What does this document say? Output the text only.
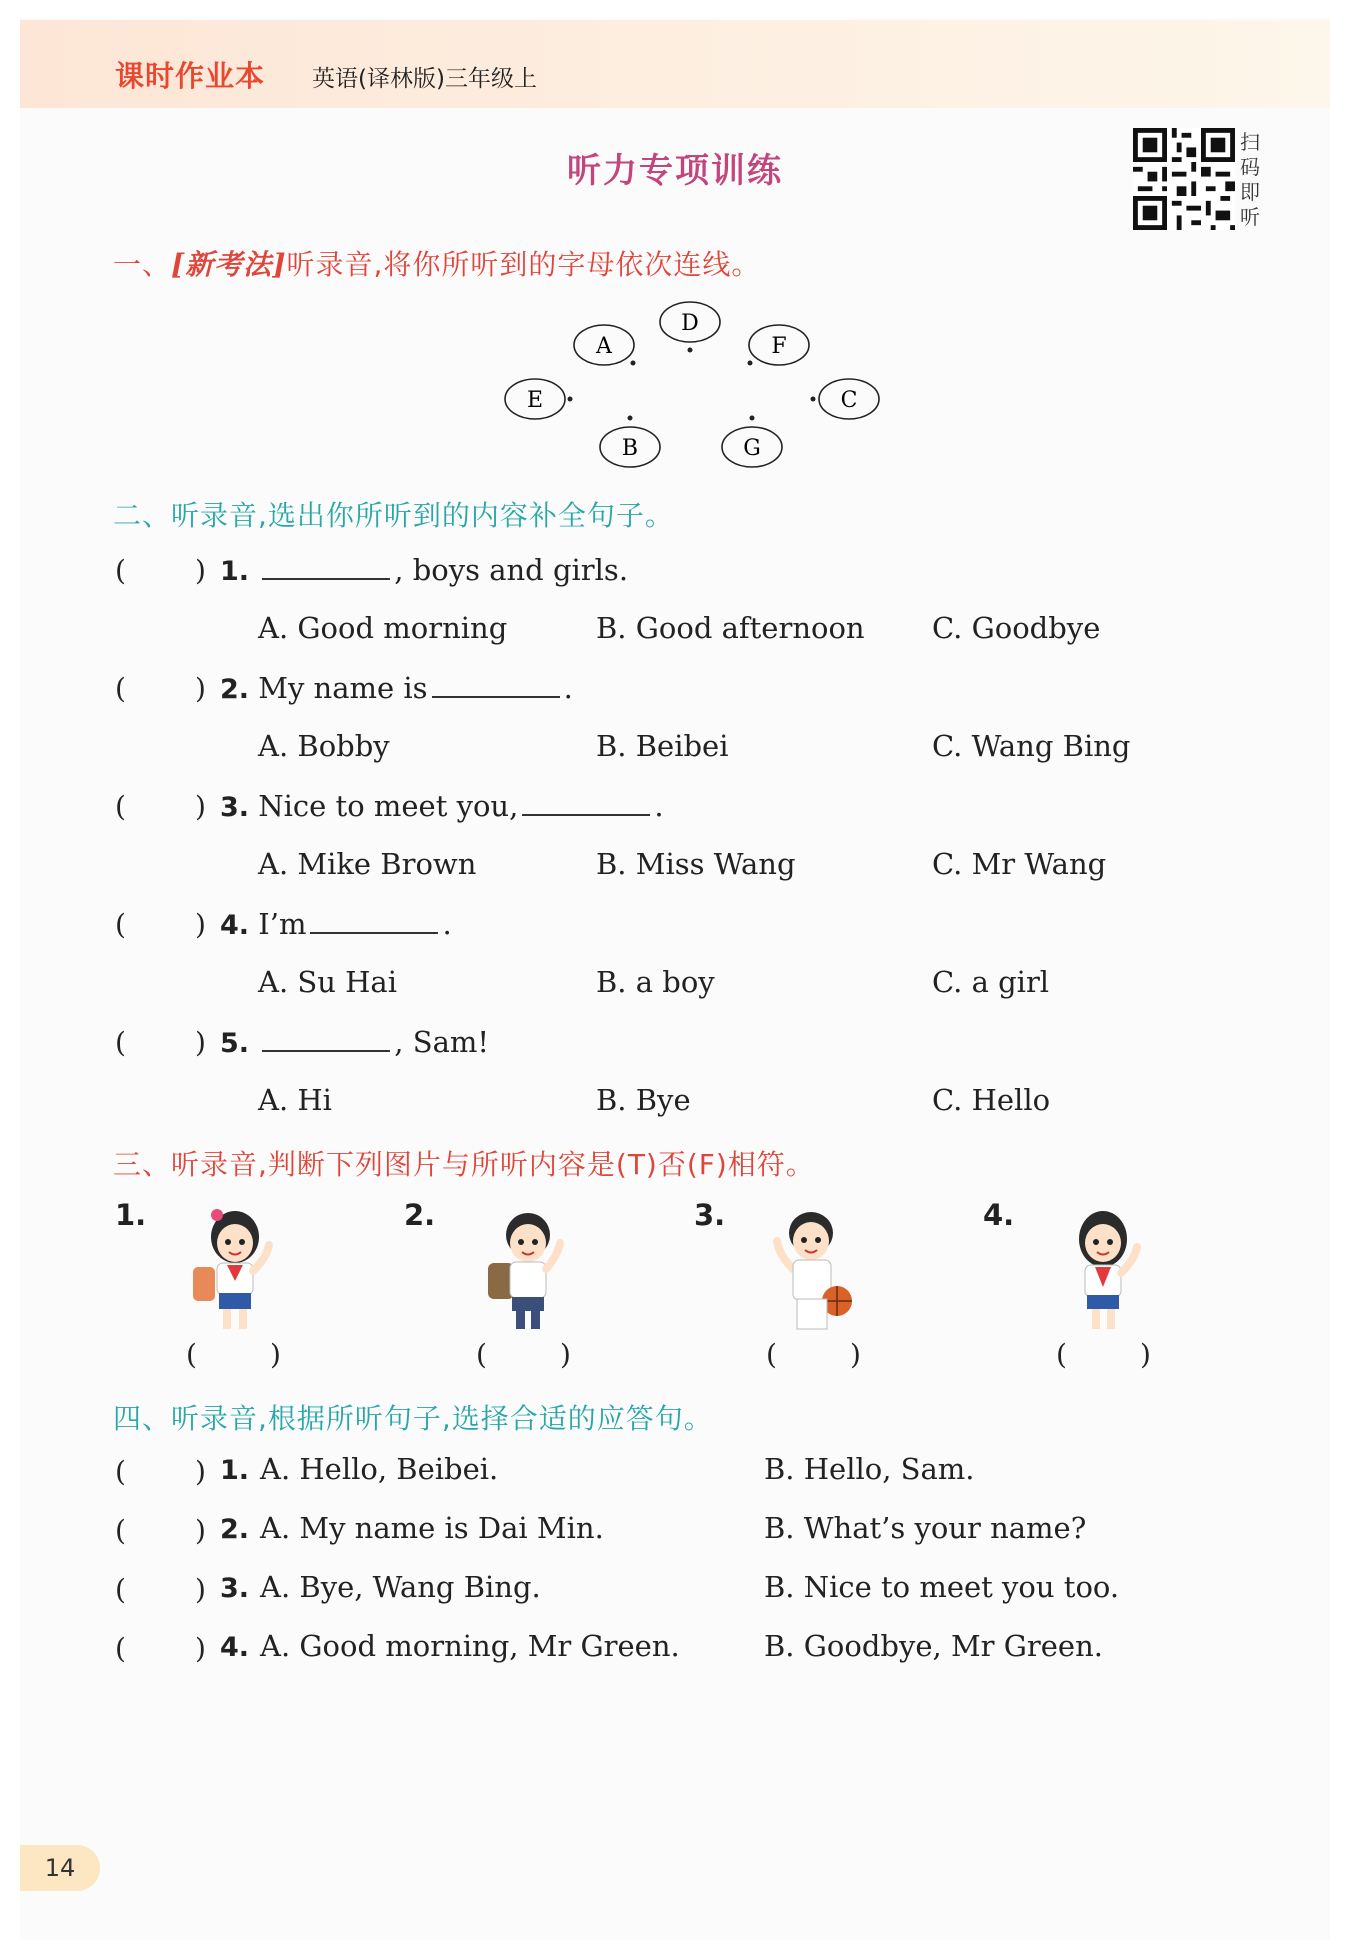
课时作业本 英语(译林版)三年级上
听力专项训练
扫码即听
一、[新考法]听录音,将你所听到的字母依次连线。
A
D
F
E	C
B	G
二、听录音,选出你所听到的内容补全句子。
( ) 1.	, boys and girls.
A. Good morning	B. Good afternoon C. Goodbye
( ) 2. My name is	.
A. Bobby	B. Beibei	C. Wang Bing
( ) 3. Nice to meet you,	.
A. Mike Brown	B. Miss Wang	C. Mr Wang
( ) 4. I’m	.
A. Su Hai	B. a boy	C. a girl
( ) 5.	, Sam!
A. Hi	B. Bye	C. Hello
三、听录音,判断下列图片与所听内容是(T)否(F)相符。
1.	2.	3.	4.
(	)	(	)	(	)	(	)
四、听录音,根据所听句子,选择合适的应答句。
( ) 1. A. Hello, Beibei.	B. Hello, Sam.
( ) 2. A. My name is Dai Min.	B. What’s your name?
( ) 3. A. Bye, Wang Bing.	B. Nice to meet you too.
( ) 4. A. Good morning, Mr Green.	B. Goodbye, Mr Green.
14
